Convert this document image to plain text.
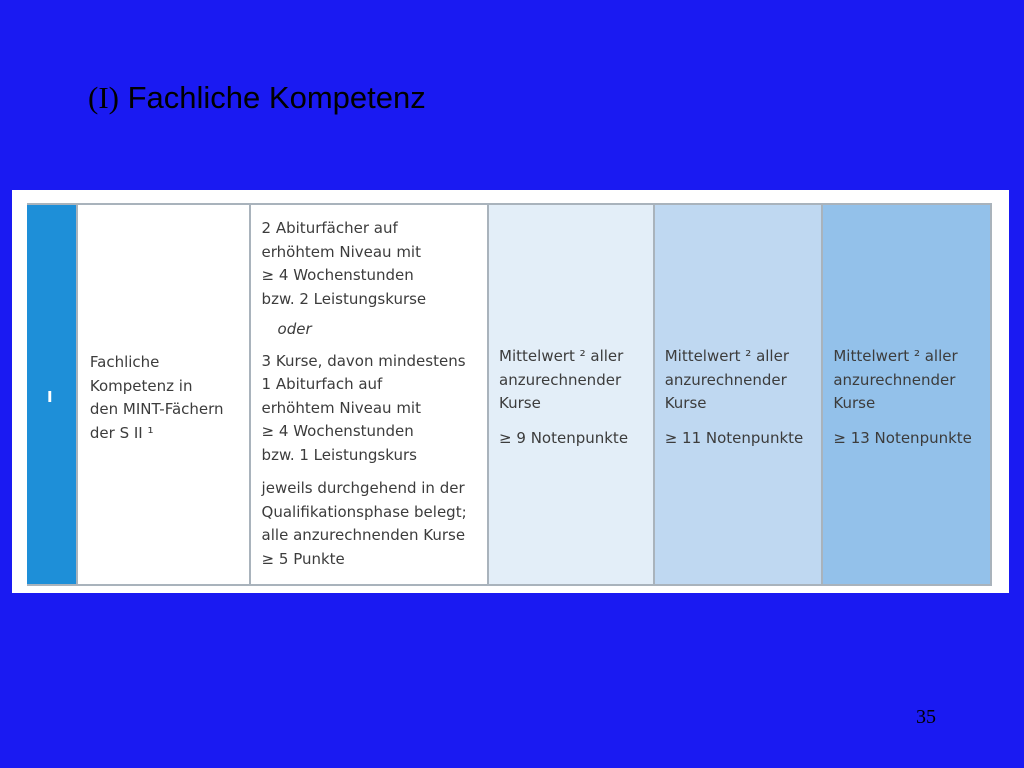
(I) Fachliche Kompetenz
I
Fachliche
Kompetenz in
den MINT-Fächern
der S II ¹
2 Abiturfächer auf
erhöhtem Niveau mit
≥ 4 Wochenstunden
bzw. 2 Leistungskurse
oder
3 Kurse, davon mindestens
1 Abiturfach auf
erhöhtem Niveau mit
≥ 4 Wochenstunden
bzw. 1 Leistungskurs
jeweils durchgehend in der
Qualifikationsphase belegt;
alle anzurechnenden Kurse
≥ 5 Punkte
Mittelwert ² aller
anzurechnender
Kurse
≥ 9 Notenpunkte
Mittelwert ² aller
anzurechnender
Kurse
≥ 11 Notenpunkte
Mittelwert ² aller
anzurechnender
Kurse
≥ 13 Notenpunkte
35
